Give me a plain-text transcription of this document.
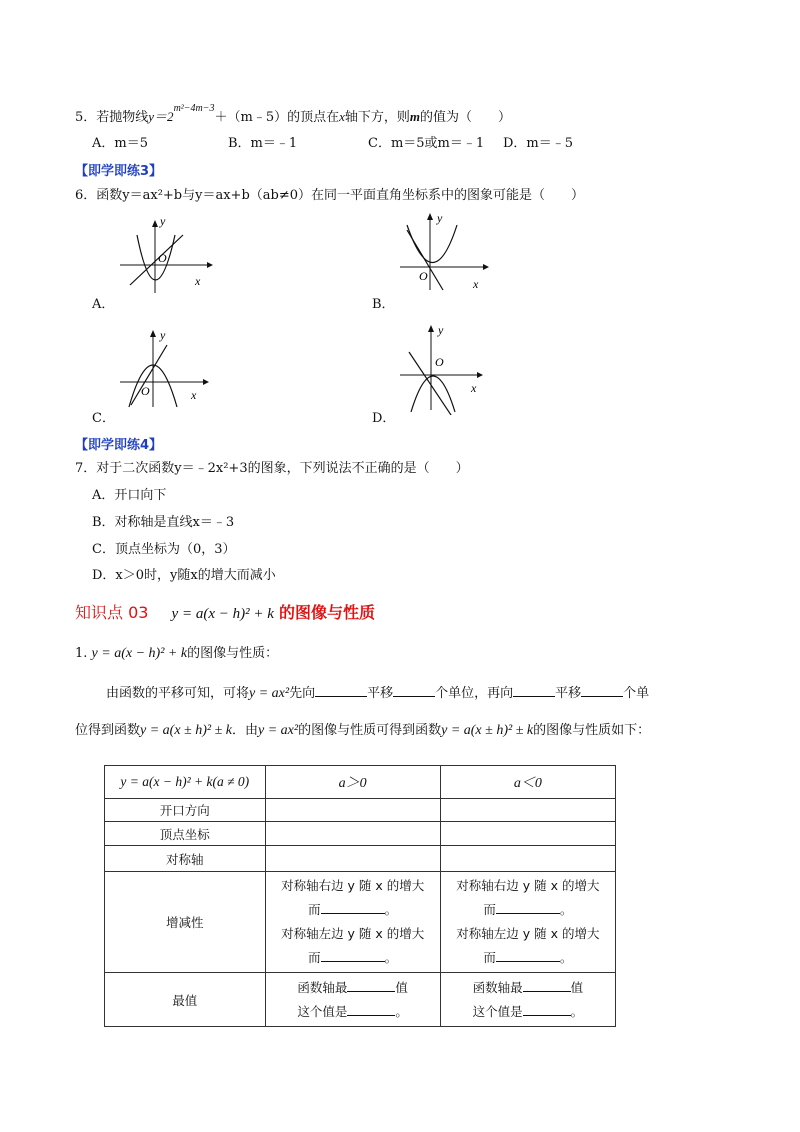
5．若抛物线$y=2^{m^2-4m-3}+(m﹣5)$的顶点在x轴下方，则m的值为（　　）
A．m＝5	B．m＝﹣1	C．m＝5或m＝﹣1 D．m＝﹣5
【即学即练3】
6．函数y＝ax²+b与y＝ax+b（ab≠0）在同一平面直角坐标系中的图象可能是（　　）
y
x
O
A．
y
x
O
B．
y
x
O
C．
y
x
O
D．
【即学即练4】
7．对于二次函数y＝﹣2x²+3的图象，下列说法不正确的是（　　）
A．开口向下
B．对称轴是直线x＝﹣3
C．顶点坐标为（0，3）
D．x＞0时，y随x的增大而减小
知识点 03 y = a(x − h)² + k 的图像与性质
1. y = a(x − h)² + k的图像与性质：
由函数的平移可知，可将y = ax²先向	平移	个单位，再向	平移	个单
位得到函数y = a(x ± h)² ± k．由y = ax²的图像与性质可得到函数y = a(x ± h)² ± k的图像与性质如下：
y = a(x − h)² + k(a ≠ 0)	a＞0	a＜0
开口方向		
顶点坐标		
对称轴		
增减性	对称轴右边 y 随 x 的增大
而 。
对称轴左边 y 随 x 的增大
而 。	对称轴右边 y 随 x 的增大
而 。
对称轴左边 y 随 x 的增大
而 。

最值	函数轴最 值
这个值是 。	函数轴最 值
这个值是 。
